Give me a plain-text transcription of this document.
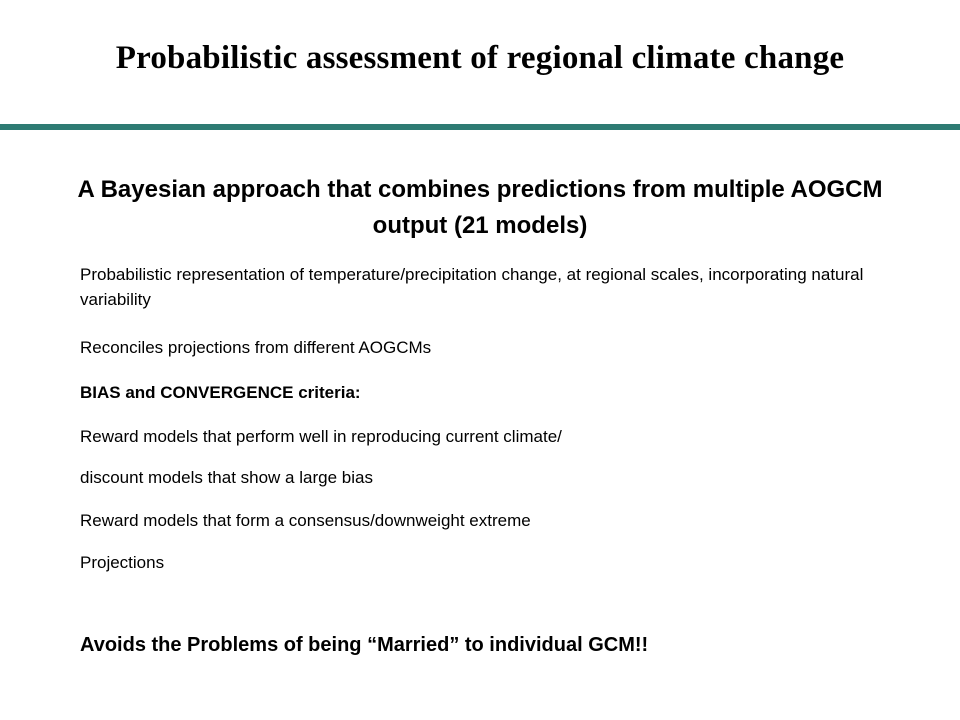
Probabilistic assessment of regional climate change
A Bayesian approach that combines predictions from multiple AOGCM output (21 models)

Probabilistic representation of temperature/precipitation change, at regional scales, incorporating natural variability

Reconciles projections from different AOGCMs

BIAS and CONVERGENCE criteria:

Reward models that perform well in reproducing current climate/

discount models that show a large bias

Reward models that form a consensus/downweight extreme

Projections

Avoids the Problems of being “Married” to individual GCM!!
